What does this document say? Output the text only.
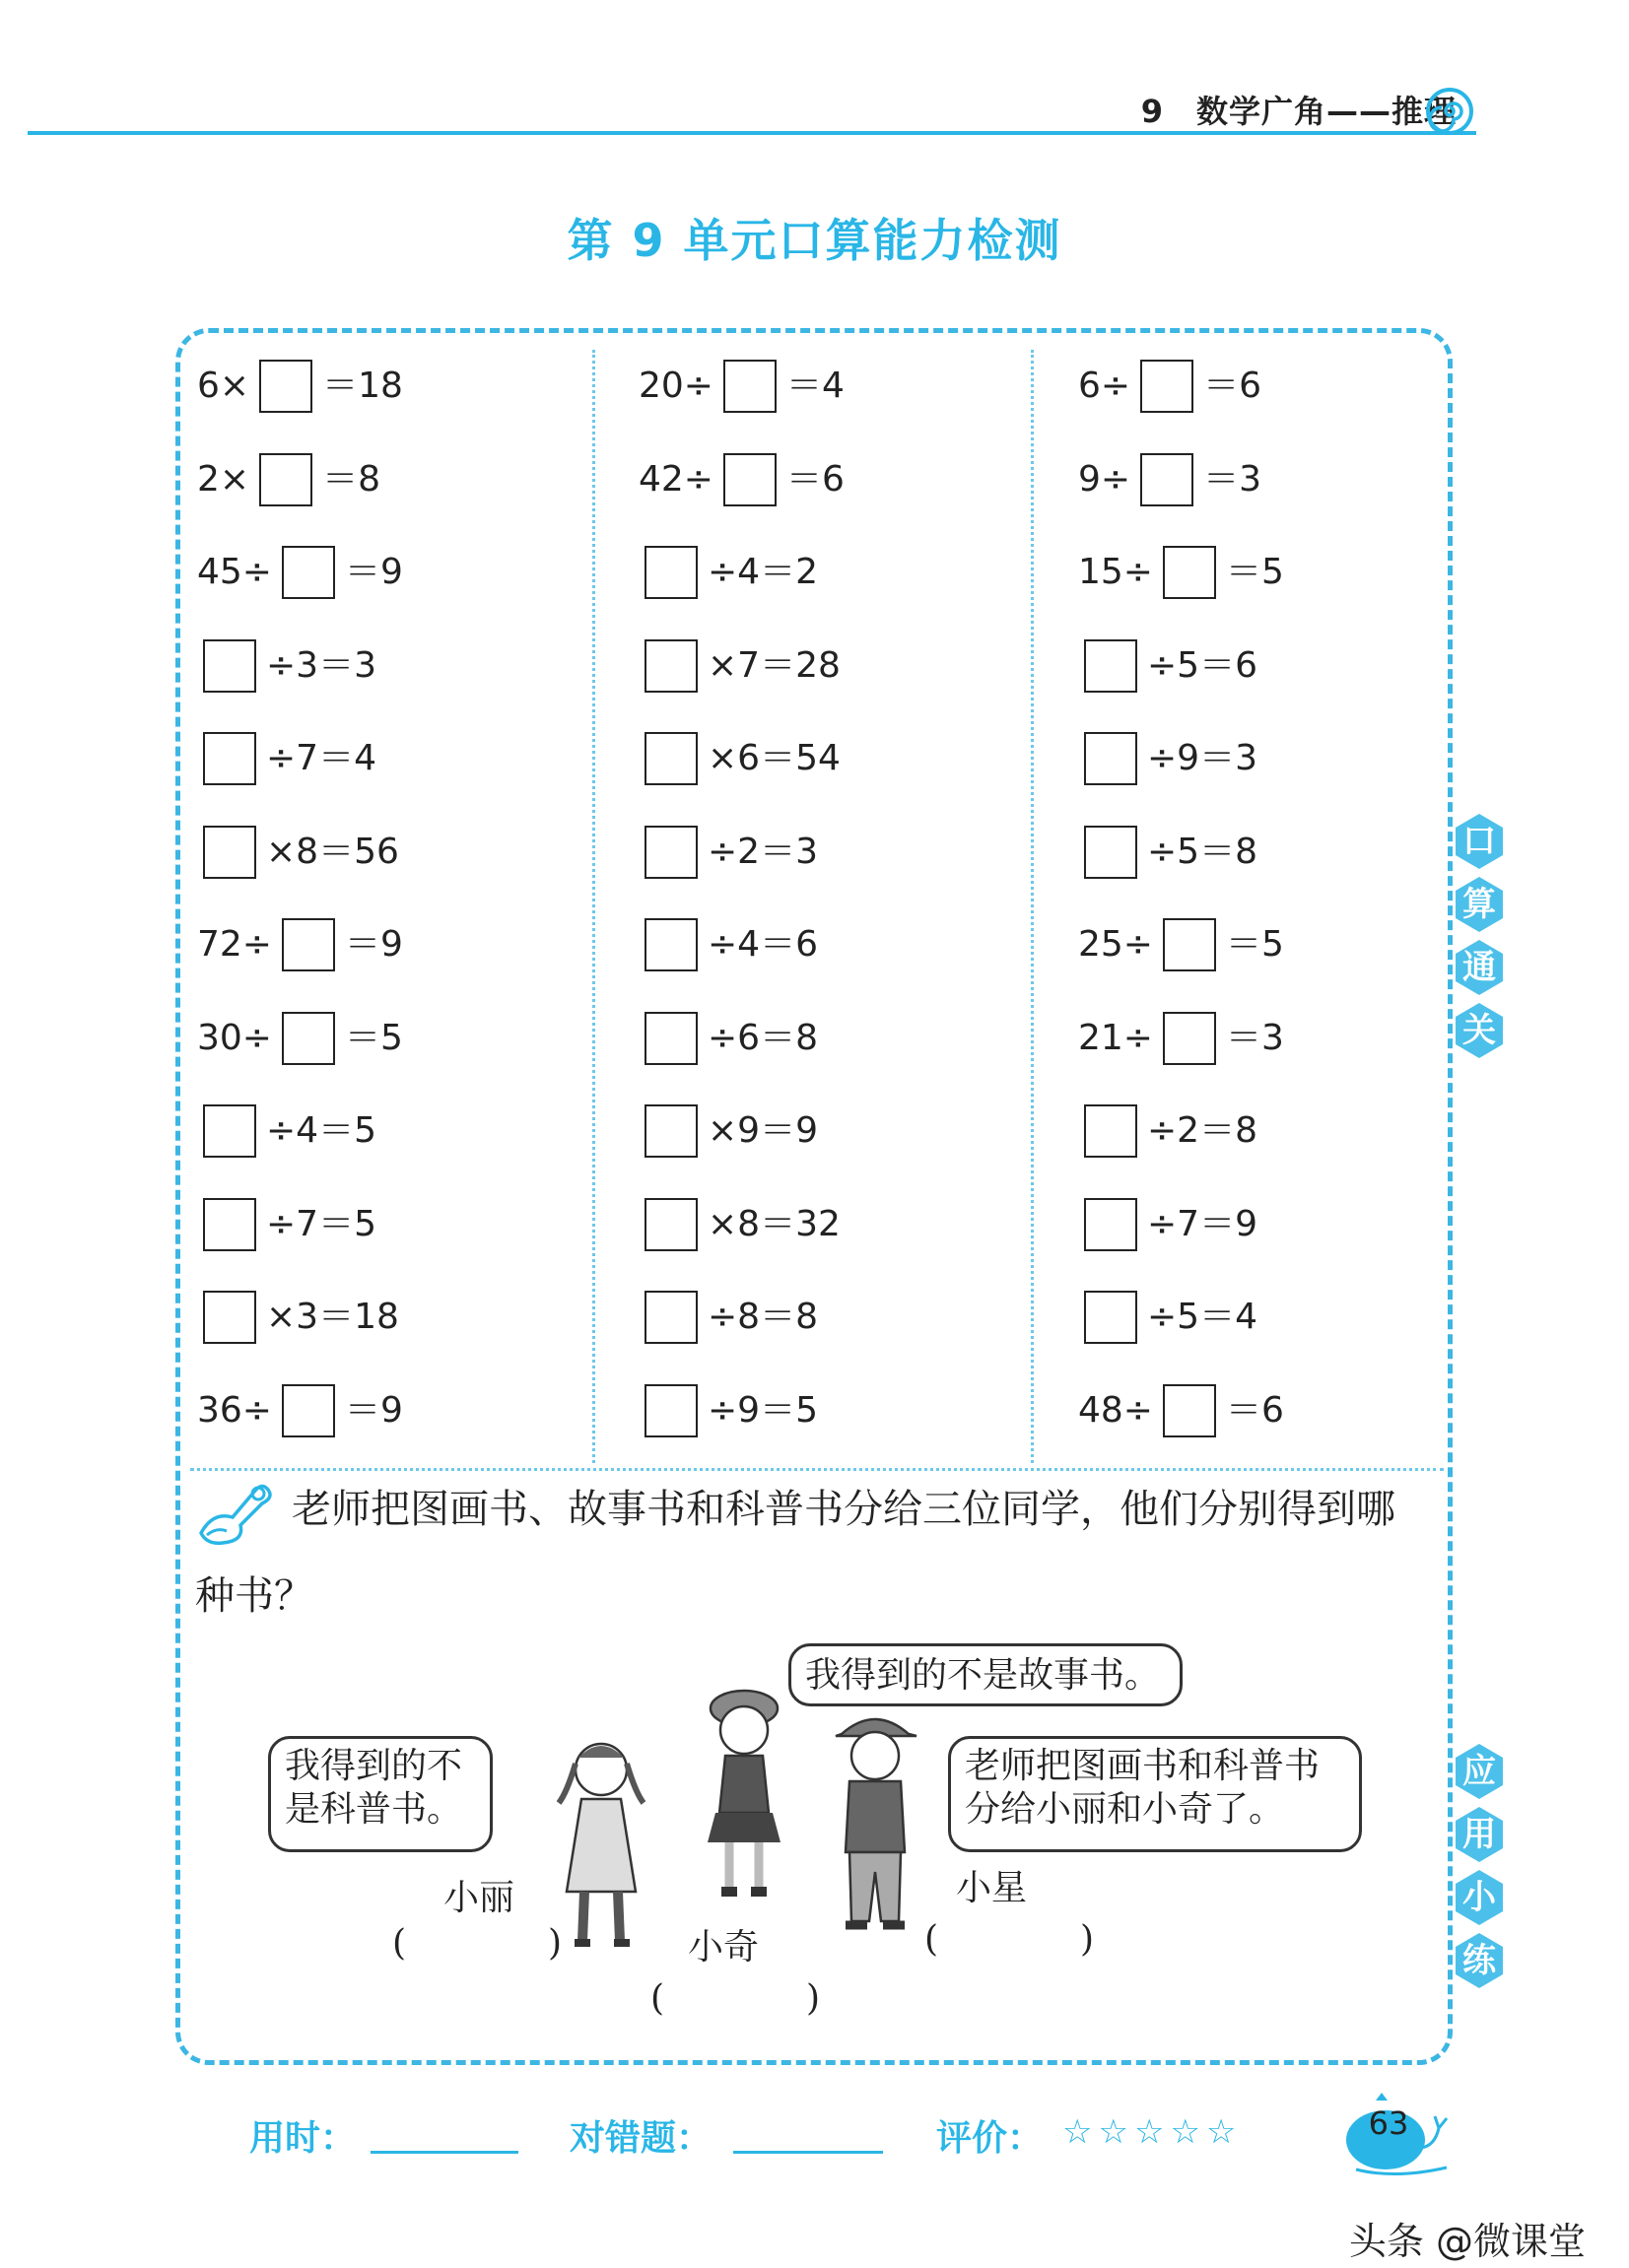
9　数学广角——推理
第 9 单元口算能力检测
6× ＝18
2× ＝8
45÷ ＝9
÷3＝3
÷7＝4
×8＝56
72÷ ＝9
30÷ ＝5
÷4＝5
÷7＝5
×3＝18
36÷ ＝9
20÷ ＝4
42÷ ＝6
÷4＝2
×7＝28
×6＝54
÷2＝3
÷4＝6
÷6＝8
×9＝9
×8＝32
÷8＝8
÷9＝5
6÷ ＝6
9÷ ＝3
15÷ ＝5
÷5＝6
÷9＝3
÷5＝8
25÷ ＝5
21÷ ＝3
÷2＝8
÷7＝9
÷5＝4
48÷ ＝6
老师把图画书、故事书和科普书分给三位同学，他们分别得到哪
种书？
我得到的不
是科普书。
我得到的不是故事书。
老师把图画书和科普书
分给小丽和小奇了。
小丽
小奇
小星
(　　　　)
(　　　　)
(　　　　)
口
算
通
关
应
用
小
练
用时：	对错题：	评价： ☆☆☆☆☆	63
头条 @微课堂
